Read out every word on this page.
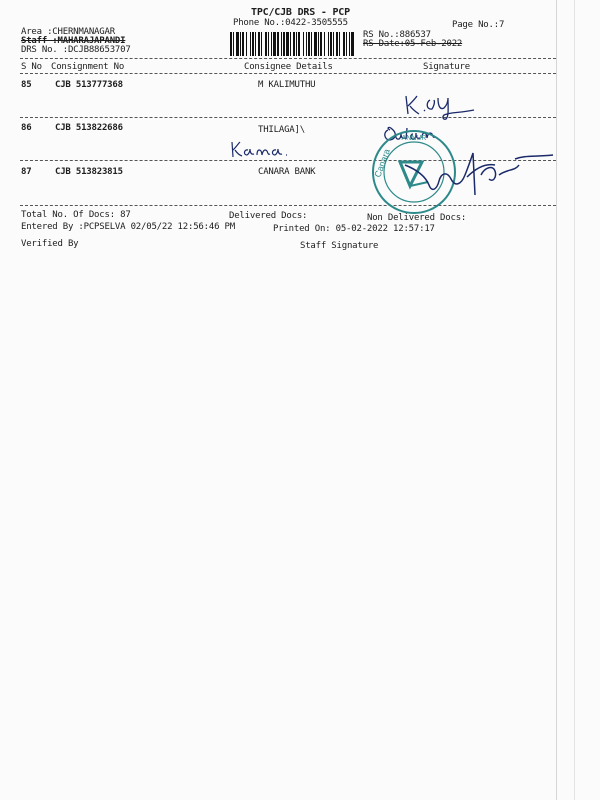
TPC/CJB DRS - PCP
Phone No.:0422-3505555	Page No.:7
Area :CHERNMANAGAR
Staff :MAHARAJAPANDI
DRS No. :DCJB88653707
RS No.:886537
RS Date:05-Feb-2022
S No Consignment No	Consignee Details	Signature
85	CJB 513777368	M KALIMUTHU
86	CJB 513822686	THILAGA]\
87	CJB 513823815	CANARA BANK	Canara
ANNUR
Total No. Of Docs: 87	Delivered Docs:	Non Delivered Docs:
Entered By :PCPSELVA 02/05/22 12:56:46 PM	Printed On: 05-02-2022 12:57:17
Verified By	Staff Signature
